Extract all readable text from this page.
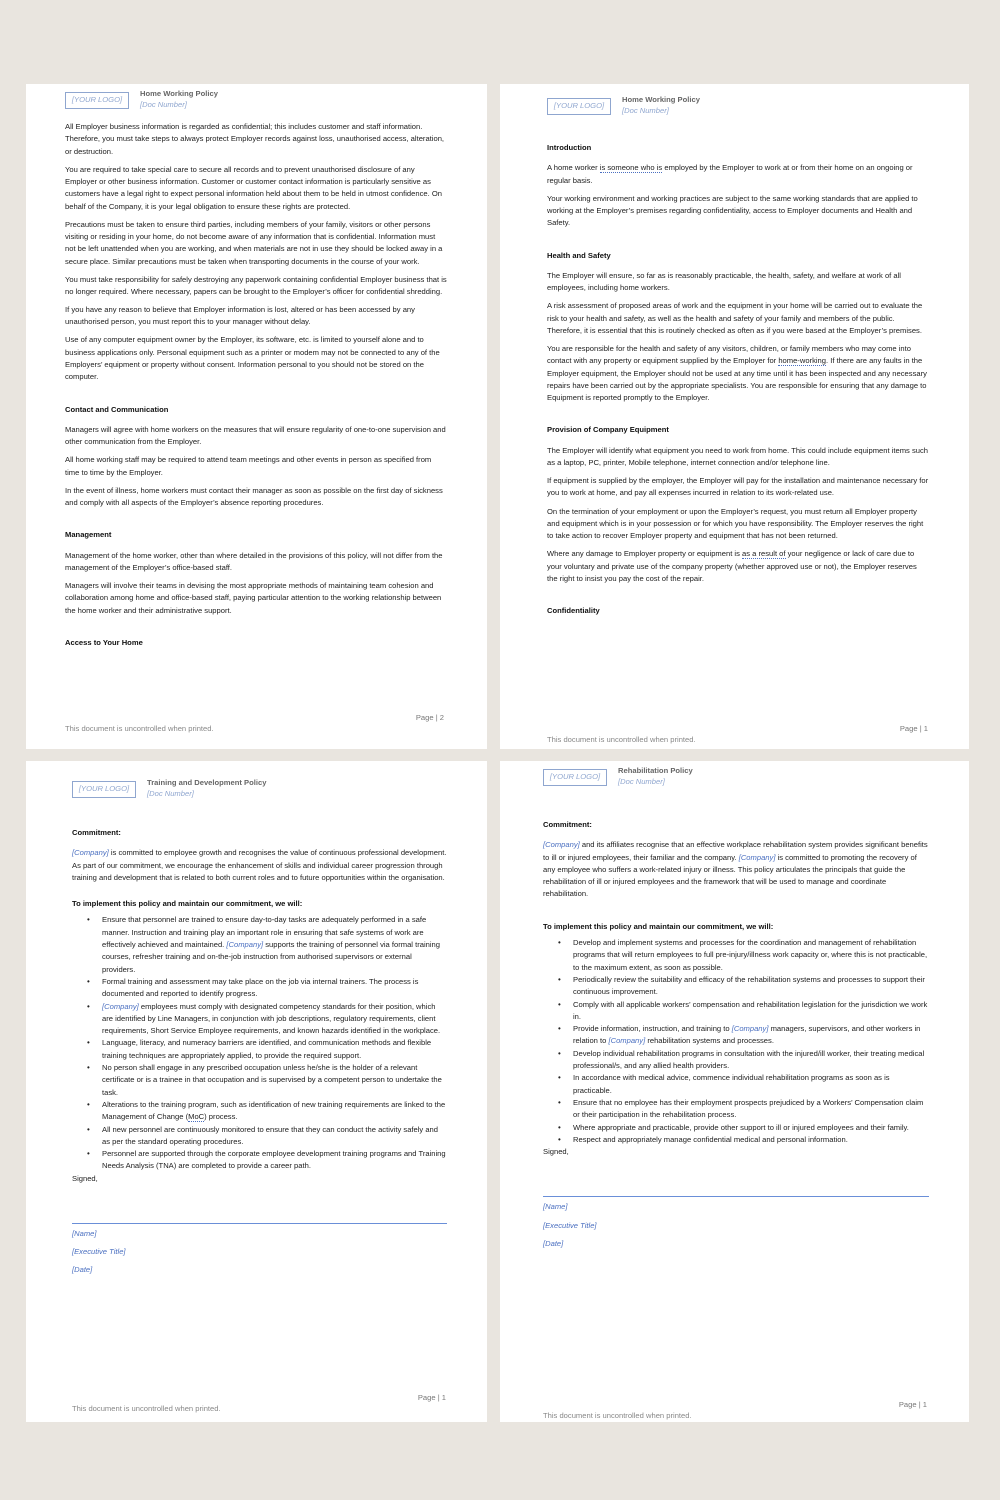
[YOUR LOGO]
Home Working Policy
[Doc Number]

All Employer business information is regarded as confidential; this includes customer and staff information. Therefore, you must take steps to always protect Employer records against loss, unauthorised access, alteration, or destruction.

You are required to take special care to secure all records and to prevent unauthorised disclosure of any Employer or other business information. Customer or customer contact information is particularly sensitive as customers have a legal right to expect personal information held about them to be held in utmost confidence. On behalf of the Company, it is your legal obligation to ensure these rights are protected.

Precautions must be taken to ensure third parties, including members of your family, visitors or other persons visiting or residing in your home, do not become aware of any information that is confidential. Information must not be left unattended when you are working, and when materials are not in use they should be locked away in a secure place. Similar precautions must be taken when transporting documents in the course of your work.

You must take responsibility for safely destroying any paperwork containing confidential Employer business that is no longer required. Where necessary, papers can be brought to the Employer’s officer for confidential shredding.

If you have any reason to believe that Employer information is lost, altered or has been accessed by any unauthorised person, you must report this to your manager without delay.

Use of any computer equipment owner by the Employer, its software, etc. is limited to yourself alone and to business applications only. Personal equipment such as a printer or modem may not be connected to any of the Employers’ equipment or property without consent. Information personal to you should not be stored on the computer.

Contact and Communication

Managers will agree with home workers on the measures that will ensure regularity of one-to-one supervision and other communication from the Employer.

All home working staff may be required to attend team meetings and other events in person as specified from time to time by the Employer.

In the event of illness, home workers must contact their manager as soon as possible on the first day of sickness and comply with all aspects of the Employer’s absence reporting procedures.

Management

Management of the home worker, other than where detailed in the provisions of this policy, will not differ from the management of the Employer’s office-based staff.

Managers will involve their teams in devising the most appropriate methods of maintaining team cohesion and collaboration among home and office-based staff, paying particular attention to the working relationship between the home worker and their administrative support.

Access to Your Home
Page | 2
This document is uncontrolled when printed.
[YOUR LOGO]
Home Working Policy
[Doc Number]
Introduction

A home worker is someone who is employed by the Employer to work at or from their home on an ongoing or regular basis.

Your working environment and working practices are subject to the same working standards that are applied to working at the Employer’s premises regarding confidentiality, access to Employer documents and Health and Safety.

Health and Safety

The Employer will ensure, so far as is reasonably practicable, the health, safety, and welfare at work of all employees, including home workers.

A risk assessment of proposed areas of work and the equipment in your home will be carried out to evaluate the risk to your health and safety, as well as the health and safety of your family and members of the public. Therefore, it is essential that this is routinely checked as often as if you were based at the Employer’s premises.

You are responsible for the health and safety of any visitors, children, or family members who may come into contact with any property or equipment supplied by the Employer for home-working. If there are any faults in the Employer equipment, the Employer should not be used at any time until it has been inspected and any necessary repairs have been carried out by the appropriate specialists. You are responsible for ensuring that any damage to Equipment is reported promptly to the Employer.

Provision of Company Equipment

The Employer will identify what equipment you need to work from home. This could include equipment items such as a laptop, PC, printer, Mobile telephone, internet connection and/or telephone line.

If equipment is supplied by the employer, the Employer will pay for the installation and maintenance necessary for you to work at home, and pay all expenses incurred in relation to its work-related use.

On the termination of your employment or upon the Employer’s request, you must return all Employer property and equipment which is in your possession or for which you have responsibility. The Employer reserves the right to take action to recover Employer property and equipment that has not been returned.

Where any damage to Employer property or equipment is as a result of your negligence or lack of care due to your voluntary and private use of the company property (whether approved use or not), the Employer reserves the right to insist you pay the cost of the repair.

Confidentiality
Page | 1
This document is uncontrolled when printed.
[YOUR LOGO]
Training and Development Policy
[Doc Number]
Commitment:

[Company] is committed to employee growth and recognises the value of continuous professional development. As part of our commitment, we encourage the enhancement of skills and individual career progression through training and development that is related to both current roles and to future opportunities within the organisation.

To implement this policy and maintain our commitment, we will:
• Ensure that personnel are trained to ensure day-to-day tasks are adequately performed in a safe manner. Instruction and training play an important role in ensuring that safe systems of work are effectively achieved and maintained. [Company] supports the training of personnel via formal training courses, refresher training and on-the-job instruction from authorised supervisors or external providers.
• Formal training and assessment may take place on the job via internal trainers. The process is documented and reported to identify progress.
• [Company] employees must comply with designated competency standards for their position, which are identified by Line Managers, in conjunction with job descriptions, regulatory requirements, client requirements, Short Service Employee requirements, and known hazards identified in the workplace.
• Language, literacy, and numeracy barriers are identified, and communication methods and flexible training techniques are appropriately applied, to provide the required support.
• No person shall engage in any prescribed occupation unless he/she is the holder of a relevant certificate or is a trainee in that occupation and is supervised by a competent person to undertake the task.
• Alterations to the training program, such as identification of new training requirements are linked to the Management of Change (MoC) process.
• All new personnel are continuously monitored to ensure that they can conduct the activity safely and as per the standard operating procedures.
• Personnel are supported through the corporate employee development training programs and Training Needs Analysis (TNA) are completed to provide a career path.

Signed,

[Name]

[Executive Title]

[Date]

Page | 1
This document is uncontrolled when printed.
[YOUR LOGO]
Rehabilitation Policy
[Doc Number]
Commitment:

[Company] and its affiliates recognise that an effective workplace rehabilitation system provides significant benefits to ill or injured employees, their familiar and the company. [Company] is committed to promoting the recovery of any employee who suffers a work-related injury or illness. This policy articulates the principals that guide the rehabilitation of ill or injured employees and the framework that will be used to manage and coordinate rehabilitation.

To implement this policy and maintain our commitment, we will:
• Develop and implement systems and processes for the coordination and management of rehabilitation programs that will return employees to full pre-injury/illness work capacity or, where this is not practicable, to the maximum extent, as soon as possible.
• Periodically review the suitability and efficacy of the rehabilitation systems and processes to support their continuous improvement.
• Comply with all applicable workers’ compensation and rehabilitation legislation for the jurisdiction we work in.
• Provide information, instruction, and training to [Company] managers, supervisors, and other workers in relation to [Company] rehabilitation systems and processes.
• Develop individual rehabilitation programs in consultation with the injured/ill worker, their treating medical professional/s, and any allied health providers.
• In accordance with medical advice, commence individual rehabilitation programs as soon as is practicable.
• Ensure that no employee has their employment prospects prejudiced by a Workers’ Compensation claim or their participation in the rehabilitation process.
• Where appropriate and practicable, provide other support to ill or injured employees and their family.
• Respect and appropriately manage confidential medical and personal information.

Signed,

[Name]

[Executive Title]

[Date]

Page | 1
This document is uncontrolled when printed.
